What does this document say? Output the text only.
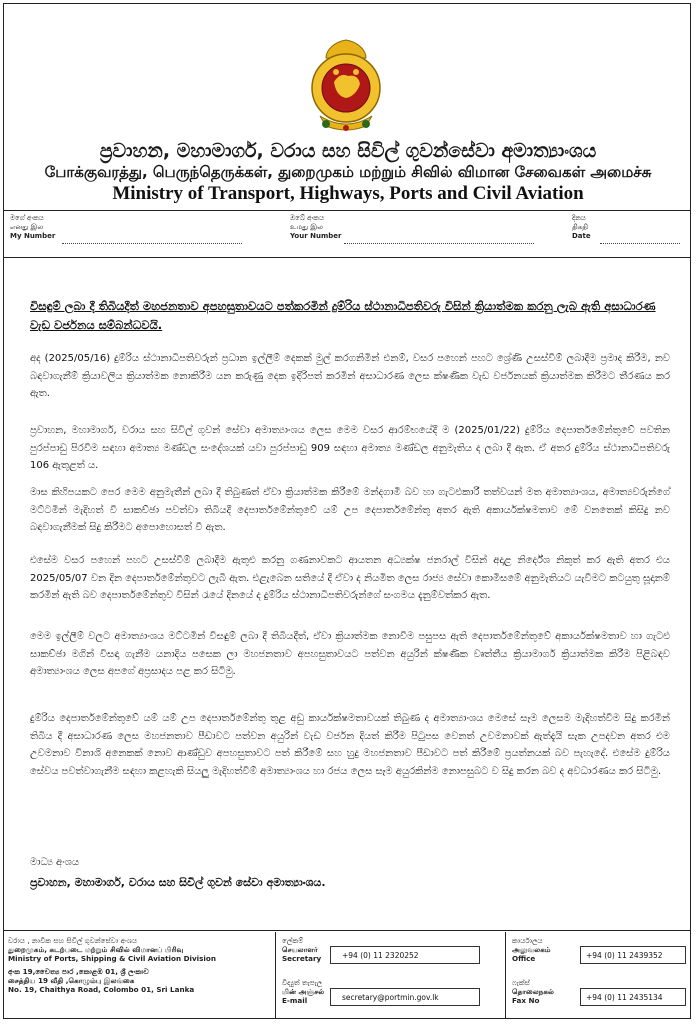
ප්‍රවාහන, මහාමාර්ග, වරාය සහ සිවිල් ගුවන්සේවා අමාත්‍යාංශය
போக்குவரத்து, பெருந்தெருக்கள், துறைமுகம் மற்றும் சிவில் விமான சேவைகள் அமைச்சு
Ministry of Transport, Highways, Ports and Civil Aviation
මගේ අංකය
எனது இல
My Number
ඔබේ අංකය
உமது இல
Your Number
දිනය
திகதி
Date
විසඳුම් ලබා දී තිබියදීත් මහජනතාව අපහසුතාවයට පත්කරමින් දුම්රිය ස්ථානාධිපතිවරු විසින් ක්‍රියාත්මක කරනු ලැබ ඇති අසාධාරණ වැඩ වර්ජනය සම්බන්ධවයි.
අද (2025/05/16) දුම්රිය ස්ථානාධිපතිවරුන් ප්‍රධාන ඉල්ලීම් දෙකක් මුල් කරගනිමින් එනම්, වසර පහෙන් පහට ශ්‍රේණි උසස්වීම් ලබාදීම ප්‍රමාද කිරීම, නව බඳවාගැනීම් ක්‍රියාවලිය ක්‍රියාත්මක නොකිරීම යන කරුණු දෙක ඉදිරිපත් කරමින් අසාධාරණ ලෙස ක්ෂණික වැඩ වර්ජනයක් ක්‍රියාත්මක කිරීමට තීරණය කර ඇත.
ප්‍රවාහන, මහාමාර්ග, වරාය සහ සිවිල් ගුවන් සේවා අමාත්‍යාංශය ලෙස මෙම වසර ආරම්භයේදී ම (2025/01/22) දුම්රිය දෙපාර්තමේන්තුවේ පවතින පුරප්පාඩු පිරවීම සඳහා අමාත්‍ය මණ්ඩල සංදේශයක් යවා පුරප්පාඩු 909 සඳහා අමාත්‍ය මණ්ඩල අනුමැතිය ද ලබා දී ඇත. ඒ අතර දුම්රිය ස්ථානාධිපතිවරු 106 ඇතුළත් ය.
මාස කිහිපයකට පෙර මෙම අනුමැතීන් ලබා දී තිබුණත් ඒවා ක්‍රියාත්මක කිරීමේ මන්දගාමී බව හා ගැටළුකාරී තත්වයන් මත අමාත්‍යාංශය, අමාත්‍යවරුන්ගේ මට්ටමින් මැදිහත් වී සාකච්ඡා පවත්වා තිබියදී දෙපාර්තමේන්තුවේ යම් උප දෙපාර්තමේන්තු අතර ඇති අකාර්යක්ෂමතාව මේ වනතෙක් කිසිදු නව බඳවාගැනීමක් සිදු කිරීමට අපොහොසත් වී ඇත.
එසේම වසර පහෙන් පහට උසස්වීම් ලබාදීම ඇතුළු කරනු ගණනාවකට ආයතන අධ්‍යක්ෂ ජනරාල් විසින් අදාළ නිර්දේශ නිකුත් කර ඇති අතර එය 2025/05/07 වන දින දෙපාර්තමේන්තුවට ලැබී ඇත. එළැබෙන සතියේ දී ඒවා ද නියමිත ලෙස රාජ්‍ය සේවා කොමිසමේ අනුමැතියට යැවීමට කටයුතු සූදානම් කරමින් ඇති බව දෙපාර්තමේන්තුව විසින් රැයේ දිනයේ ද දුම්රිය ස්ථානාධිපතිවරුන්ගේ සංගමය දැනුම්වත්කර ඇත.
මෙම ඉල්ලීම් වලට අමාත්‍යාංශය මට්ටමින් විසඳුම් ලබා දී තිබියදීත්, ඒවා ක්‍රියාත්මක නොවීම පසුපස ඇති දෙපාර්තමේන්තුවේ අකාර්යක්ෂමතාව හා ගැටළු සාකච්ඡා මගින් විසඳා ගැනීම යනාදිය පසෙක ලා මහජනතාව අපහසුතාවයට පත්වන අයුරින් ක්ෂණික වෘත්තීය ක්‍රියාමාර්ග ක්‍රියාත්මක කිරීම පිළිබඳව අමාත්‍යාංශය ලෙස අපගේ අප්‍රසාදය පළ කර සිටිමු.
දුම්රිය දෙපාර්තමේන්තුවේ යම් යම් උප දෙපාර්තමේන්තු තුළ අඩු කාර්යක්ෂමතාවයක් තිබුණ ද අමාත්‍යාංශය මෙසේ සෑම ලෙසම මැදිහත්වීම සිදු කරමින් තිබිය දී අසාධාරණ ලෙස මහජනතාව පීඩාවට පත්වන අයුරින් වැඩ වර්ජන දියත් කිරීම පිටුපස වෙනත් උවමනාවක් ඇත්දැයි සැක උපදවන අතර එම උවමනාව විනාශි අනෙකක් නොව ආණ්ඩුව අපහසුතාවට පත් කිරීමේ සහ හුදු මහජනතාව පීඩාවට පත් කිරීමේ ප්‍රයත්නයක් බව පැහැදේ. එසේම දුම්රිය සේවය පවත්වාගැනීම සඳහා කළහැකි සියලු මැදිහත්වීම් අමාත්‍යාංශය හා රජය ලෙස සෑම අයුරකින්ම නොපසුබට ව සිදු කරන බව ද අවධාරණය කර සිටිමු.
මාධ්‍ය අංශය
ප්‍රවාහන, මහාමාර්ග, වරාය සහ සිවිල් ගුවන් සේවා අමාත්‍යාංශය.
වරාය , නාවික සහ සිවිල් ගුවන්සේවා අංශය
துறைமுகம், கடற்படை மற்றும் சிவில் விமானப் பிரிவு
Ministry of Ports, Shipping & Civil Aviation Division
අංක 19,චෛත්‍ය පාර ,කොළඹ 01, ශ්‍රී ලංකාව
சைத்திய 19 வீதி ,கொழும்பு இலங்கை
No. 19, Chaithya Road, Colombo 01, Sri Lanka
ලේකම්
செயலாளர்
Secretary	+94 (0) 11 2320252
විද්‍යුත් තැපැල
மின் அஞ்சல்
E-mail	secretary@portmin.gov.lk
කාර්යාලය
அலுவலகம்
Office	+94 (0) 11 2439352
ෆැක්ස්
தொலைநகல்
Fax No	+94 (0) 11 2435134
